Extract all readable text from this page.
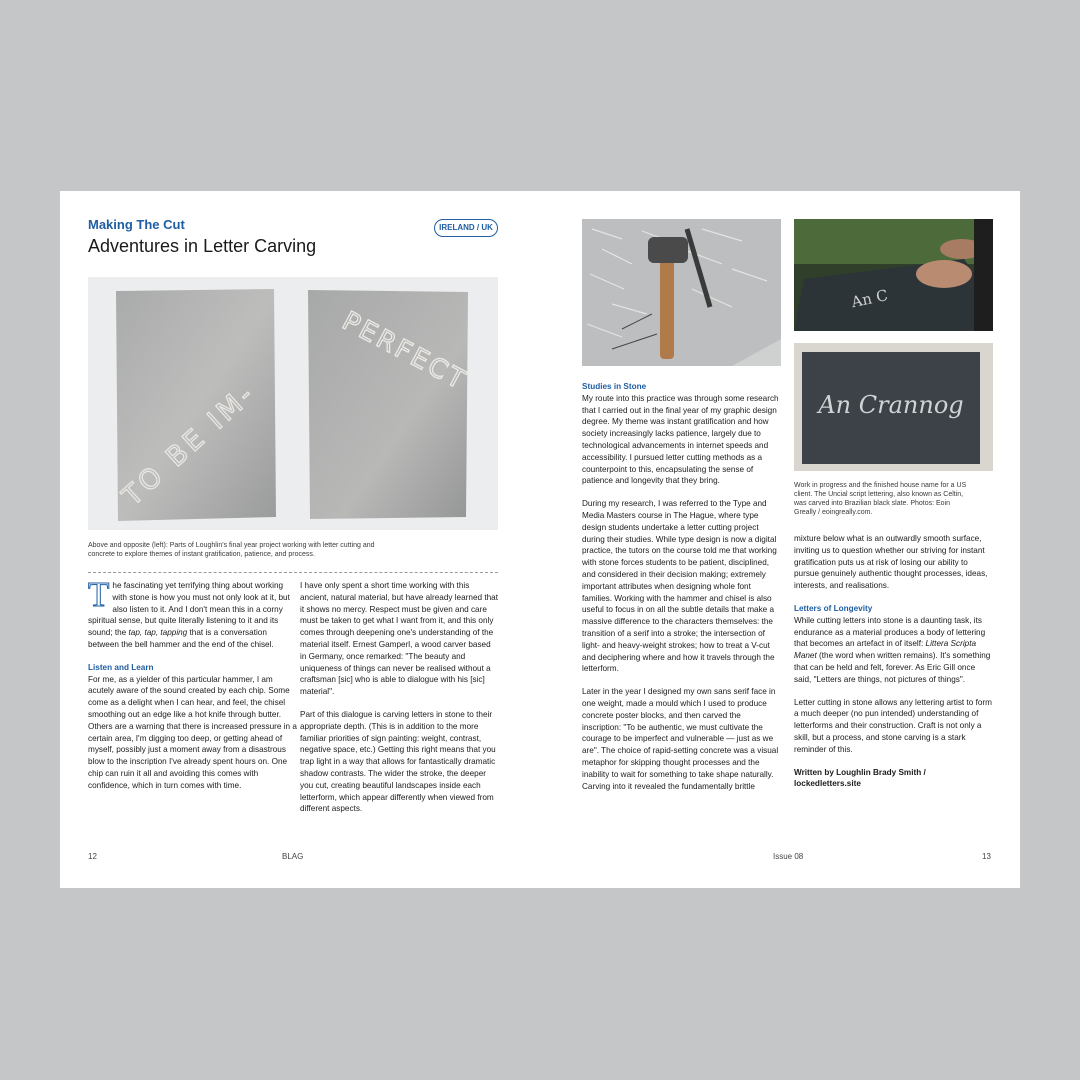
Making The Cut
Adventures in Letter Carving
IRELAND / UK
TO BE IM-
PERFECT
Above and opposite (left): Parts of Loughlin's final year project working with letter cutting and concrete to explore themes of instant gratification, patience, and process.

The fascinating yet terrifying thing about working with stone is how you must not only look at it, but also listen to it. And I don't mean this in a corny spiritual sense, but quite literally listening to it and its sound; the tap, tap, tapping that is a conversation between the bell hammer and the end of the chisel.

Listen and Learn

For me, as a yielder of this particular hammer, I am acutely aware of the sound created by each chip. Some come as a delight when I can hear, and feel, the chisel smoothing out an edge like a hot knife through butter. Others are a warning that there is increased pressure in a certain area, I'm digging too deep, or getting ahead of myself, possibly just a moment away from a disastrous blow to the inscription I've already spent hours on. One chip can ruin it all and avoiding this comes with confidence, which in turn comes with time.

I have only spent a short time working with this ancient, natural material, but have already learned that it shows no mercy. Respect must be given and care must be taken to get what I want from it, and this only comes through deepening one's understanding of the material itself. Ernest Gamperl, a wood carver based in Germany, once remarked: "The beauty and uniqueness of things can never be realised without a craftsman [sic] who is able to dialogue with his [sic] material".

Part of this dialogue is carving letters in stone to their appropriate depth. (This is in addition to the more familiar priorities of sign painting: weight, contrast, negative space, etc.) Getting this right means that you trap light in a way that allows for fantastically dramatic shadow contrasts. The wider the stroke, the deeper you cut, creating beautiful landscapes inside each letterform, which appear differently when viewed from different aspects.

An C
An Crannog
Work in progress and the finished house name for a US client. The Uncial script lettering, also known as Celtin, was carved into Brazilian black slate. Photos: Eoin Greally / eoingreally.com.
Studies in Stone

My route into this practice was through some research that I carried out in the final year of my graphic design degree. My theme was instant gratification and how society increasingly lacks patience, largely due to technological advancements in internet speeds and accessibility. I pursued letter cutting methods as a counterpoint to this, encapsulating the sense of patience and longevity that they bring.

During my research, I was referred to the Type and Media Masters course in The Hague, where type design students undertake a letter cutting project during their studies. While type design is now a digital practice, the tutors on the course told me that working with stone forces students to be patient, disciplined, and considered in their decision making; extremely important attributes when designing whole font families. Working with the hammer and chisel is also useful to focus in on all the subtle details that make a massive difference to the characters themselves: the transition of a serif into a stroke; the intersection of light- and heavy-weight strokes; how to treat a V-cut and deciphering where and how it travels through the letterform.

Later in the year I designed my own sans serif face in one weight, made a mould which I used to produce concrete poster blocks, and then carved the inscription: "To be authentic, we must cultivate the courage to be imperfect and vulnerable — just as we are". The choice of rapid-setting concrete was a visual metaphor for skipping thought processes and the inability to wait for something to take shape naturally. Carving into it revealed the fundamentally brittle

mixture below what is an outwardly smooth surface, inviting us to question whether our striving for instant gratification puts us at risk of losing our ability to pursue genuinely authentic thought processes, ideas, interests, and realisations.

Letters of Longevity

While cutting letters into stone is a daunting task, its endurance as a material produces a body of lettering that becomes an artefact in of itself: Littera Scripta Manet (the word when written remains). It's something that can be held and felt, forever. As Eric Gill once said, "Letters are things, not pictures of things".

Letter cutting in stone allows any lettering artist to form a much deeper (no pun intended) understanding of letterforms and their construction. Craft is not only a skill, but a process, and stone carving is a stark reminder of this.

Written by Loughlin Brady Smith / lockedletters.site

12	BLAG	Issue 08	13
